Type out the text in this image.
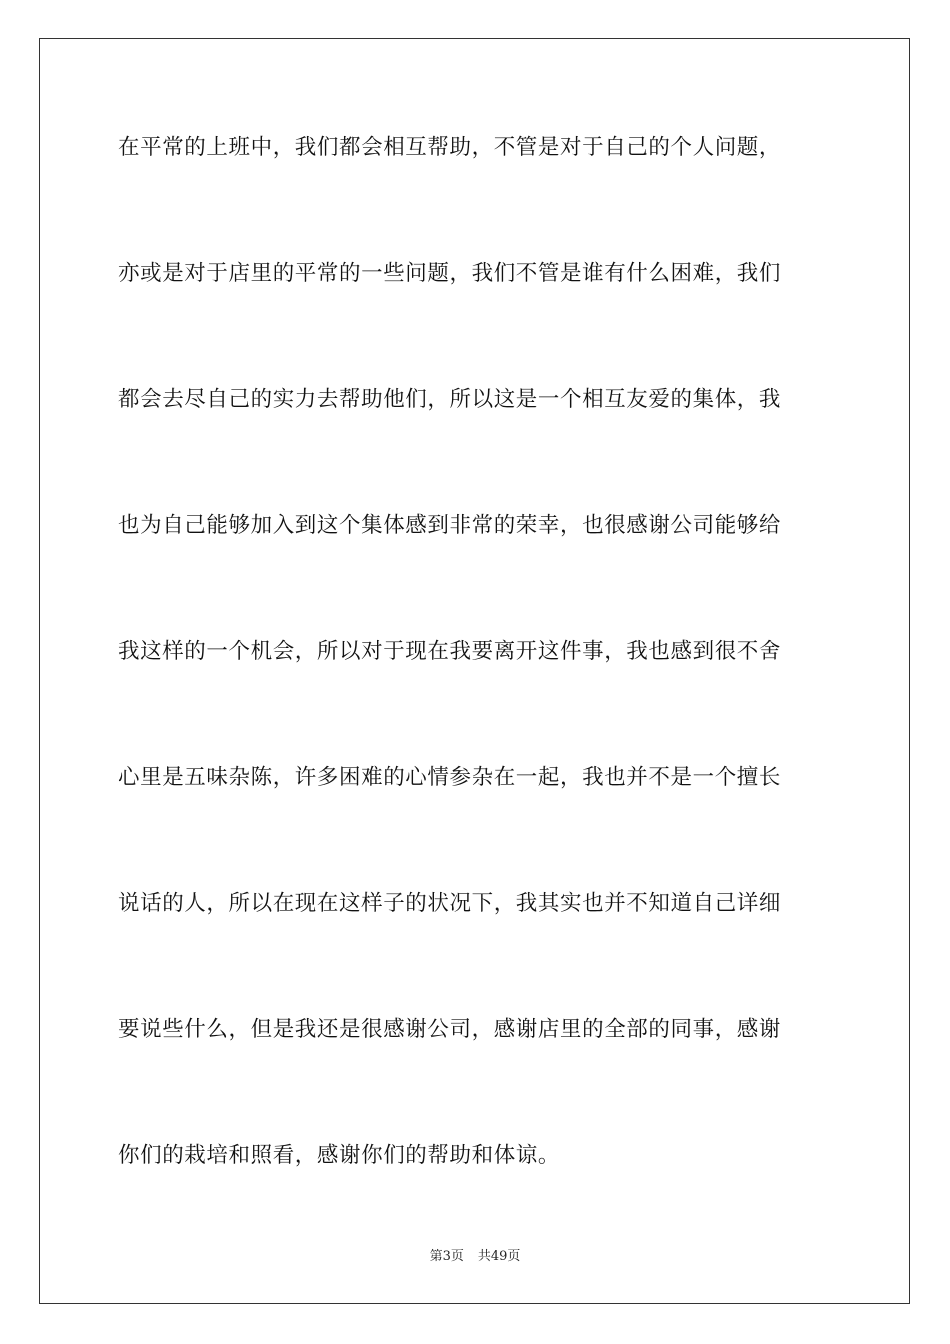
在平常的上班中，我们都会相互帮助，不管是对于自己的个人问题，
亦或是对于店里的平常的一些问题，我们不管是谁有什么困难，我们
都会去尽自己的实力去帮助他们，所以这是一个相互友爱的集体，我
也为自己能够加入到这个集体感到非常的荣幸，也很感谢公司能够给
我这样的一个机会，所以对于现在我要离开这件事，我也感到很不舍
心里是五味杂陈，许多困难的心情参杂在一起，我也并不是一个擅长
说话的人，所以在现在这样子的状况下，我其实也并不知道自己详细
要说些什么，但是我还是很感谢公司，感谢店里的全部的同事，感谢
你们的栽培和照看，感谢你们的帮助和体谅。
第3页 共49页
